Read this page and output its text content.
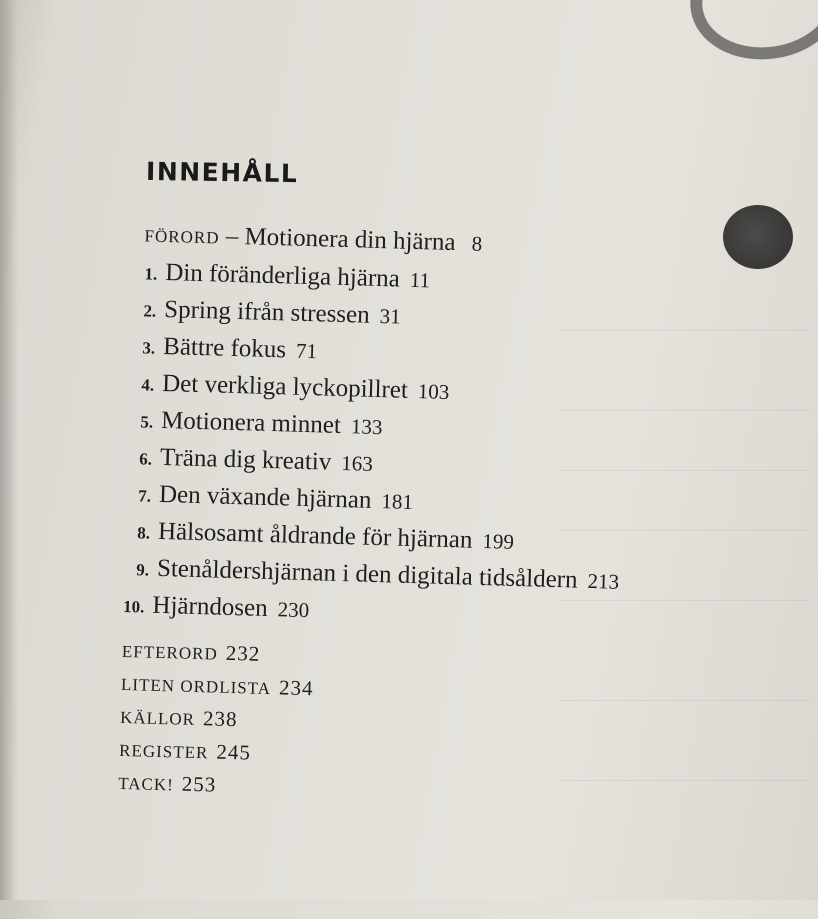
INNEHÅLL
FÖRORD – Motionera din hjärna 8
1. Din föränderliga hjärna 11
2. Spring ifrån stressen 31
3. Bättre fokus 71
4. Det verkliga lyckopillret 103
5. Motionera minnet 133
6. Träna dig kreativ 163
7. Den växande hjärnan 181
8. Hälsosamt åldrande för hjärnan 199
9. Stenåldershjärnan i den digitala tidsåldern 213
10. Hjärndosen 230
EFTERORD 232
LITEN ORDLISTA 234
KÄLLOR 238
REGISTER 245
TACK! 253
